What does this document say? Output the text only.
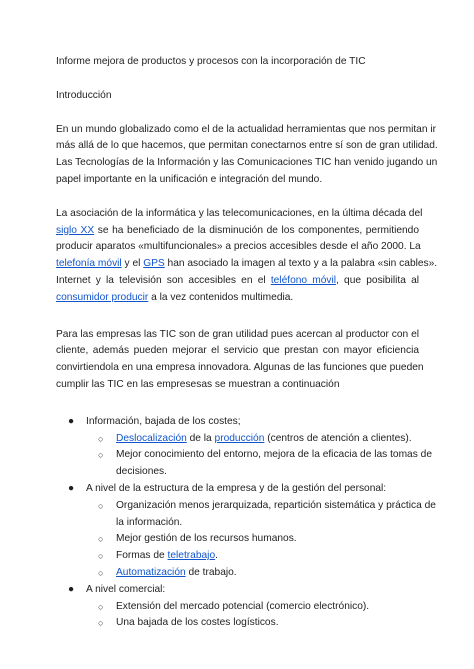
Informe mejora de productos y procesos con la incorporación de TIC

Introducción

En un mundo globalizado como el de la actualidad herramientas que nos permitan ir
más allá de lo que hacemos, que permitan conectarnos entre sí son de gran utilidad.
Las Tecnologías de la Información y las Comunicaciones TIC han venido jugando un
papel importante en la unificación e integración del mundo.
La asociación de la informática y las telecomunicaciones, en la última década del
siglo XX se ha beneficiado de la disminución de los componentes, permitiendo
producir aparatos «multifuncionales» a precios accesibles desde el año 2000. La
telefonía móvil y el GPS han asociado la imagen al texto y a la palabra «sin cables».
Internet y la televisión son accesibles en el teléfono móvil, que posibilita al
consumidor producir a la vez contenidos multimedia.
Para las empresas las TIC son de gran utilidad pues acercan al productor con el
cliente, además pueden mejorar el servicio que prestan con mayor eficiencia
convirtiendola en una empresa innovadora. Algunas de las funciones que pueden
cumplir las TIC en las empresesas se muestran a continuación
● Información, bajada de los costes;
○ Deslocalización de la producción (centros de atención a clientes).
○ Mejor conocimiento del entorno, mejora de la eficacia de las tomas de
decisiones.
● A nivel de la estructura de la empresa y de la gestión del personal:
○ Organización menos jerarquizada, repartición sistemática y práctica de
la información.
○ Mejor gestión de los recursos humanos.
○ Formas de teletrabajo.
○ Automatización de trabajo.
● A nivel comercial:
○ Extensión del mercado potencial (comercio electrónico).
○ Una bajada de los costes logísticos.
